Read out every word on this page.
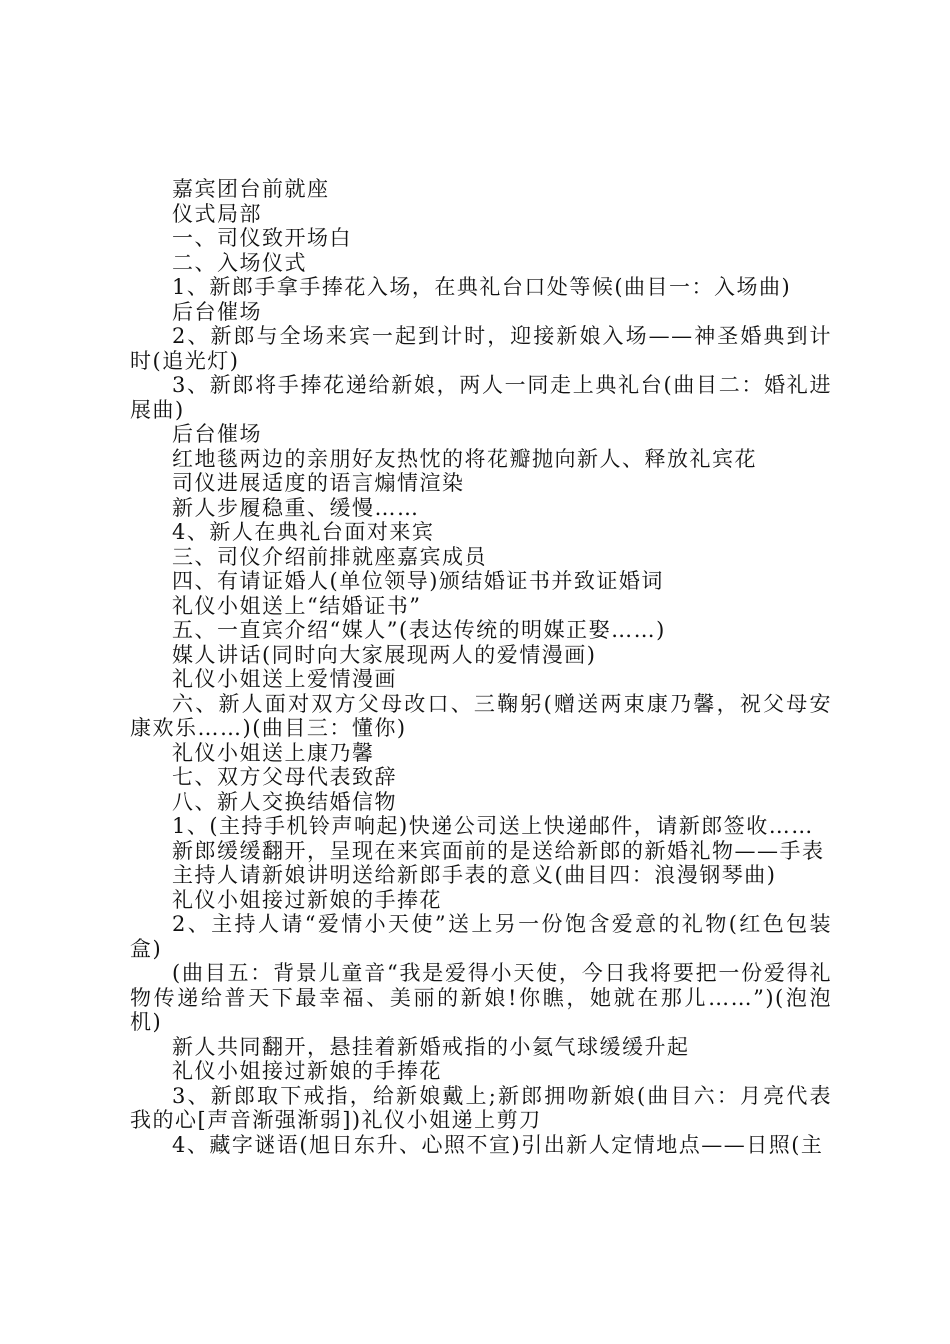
嘉宾团台前就座

仪式局部

一、司仪致开场白

二、入场仪式

1、新郎手拿手捧花入场，在典礼台口处等候(曲目一：入场曲)

后台催场

2、新郎与全场来宾一起到计时，迎接新娘入场——神圣婚典到计时(追光灯)

3、新郎将手捧花递给新娘，两人一同走上典礼台(曲目二：婚礼进展曲)

后台催场

红地毯两边的亲朋好友热忱的将花瓣抛向新人、释放礼宾花

司仪进展适度的语言煽情渲染

新人步履稳重、缓慢……

4、新人在典礼台面对来宾

三、司仪介绍前排就座嘉宾成员

四、有请证婚人(单位领导)颁结婚证书并致证婚词

礼仪小姐送上“结婚证书”

五、一直宾介绍“媒人”(表达传统的明媒正娶……)

媒人讲话(同时向大家展现两人的爱情漫画)

礼仪小姐送上爱情漫画

六、新人面对双方父母改口、三鞠躬(赠送两束康乃馨，祝父母安康欢乐……)(曲目三：懂你)

礼仪小姐送上康乃馨

七、双方父母代表致辞

八、新人交换结婚信物

1、(主持手机铃声响起)快递公司送上快递邮件，请新郎签收……

新郎缓缓翻开，呈现在来宾面前的是送给新郎的新婚礼物——手表

主持人请新娘讲明送给新郎手表的意义(曲目四：浪漫钢琴曲)

礼仪小姐接过新娘的手捧花

2、主持人请“爱情小天使”送上另一份饱含爱意的礼物(红色包装盒)

(曲目五：背景儿童音“我是爱得小天使，今日我将要把一份爱得礼物传递给普天下最幸福、美丽的新娘!你瞧，她就在那儿……”)(泡泡机)

新人共同翻开，悬挂着新婚戒指的小氦气球缓缓升起

礼仪小姐接过新娘的手捧花

3、新郎取下戒指，给新娘戴上;新郎拥吻新娘(曲目六：月亮代表我的心[声音渐强渐弱])礼仪小姐递上剪刀

4、藏字谜语(旭日东升、心照不宣)引出新人定情地点——日照(主
